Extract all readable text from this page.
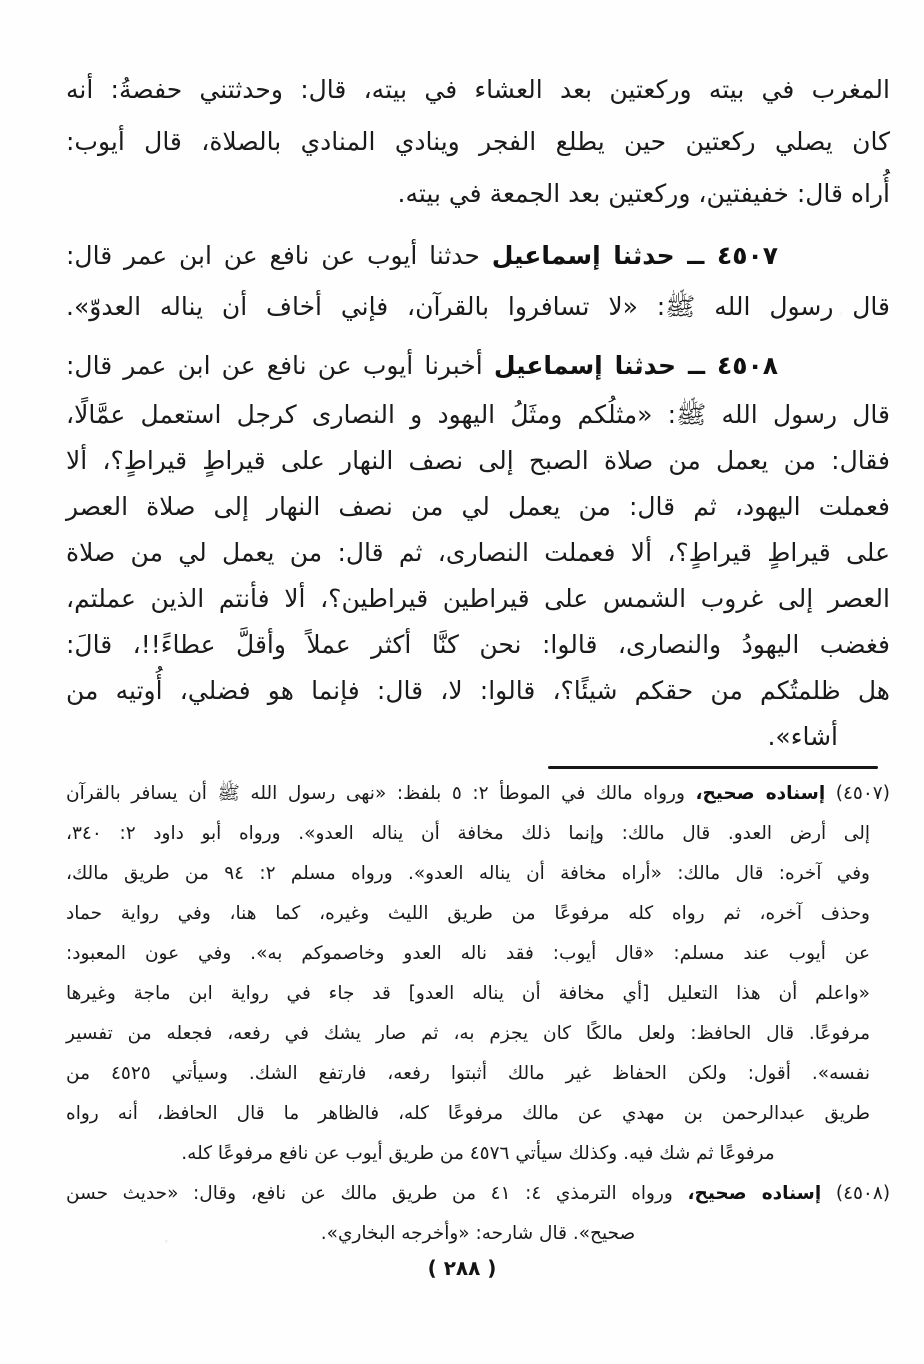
المغرب في بيته وركعتين بعد العشاء في بيته، قال: وحدثتني حفصةُ: أنه
كان يصلي ركعتين حين يطلع الفجر وينادي المنادي بالصلاة، قال أيوب:
أُراه قال: خفيفتين، وركعتين بعد الجمعة في بيته.
٤٥٠٧ ــ حدثنا إسماعيل حدثنا أيوب عن نافع عن ابن عمر قال:
قال رسول الله ﷺ: «لا تسافروا بالقرآن، فإني أخاف أن يناله العدوّ».
٤٥٠٨ ــ حدثنا إسماعيل أخبرنا أيوب عن نافع عن ابن عمر قال:
قال رسول الله ﷺ: «مثلُكم ومثَلُ اليهود و النصارى كرجل استعمل عمَّالًا،
فقال: من يعمل من صلاة الصبح إلى نصف النهار على قيراطٍ قيراطٍ؟، ألا
فعملت اليهود، ثم قال: من يعمل لي من نصف النهار إلى صلاة العصر
على قيراطٍ قيراطٍ؟، ألا فعملت النصارى، ثم قال: من يعمل لي من صلاة
العصر إلى غروب الشمس على قيراطين قيراطين؟، ألا فأنتم الذين عملتم،
فغضب اليهودُ والنصارى، قالوا: نحن كنَّا أكثر عملاً وأقلَّ عطاءً!!، قالَ:
هل ظلمتُكم من حقكم شيئًا؟، قالوا: لا، قال: فإنما هو فضلي، أُوتيه من
أشاء».
(٤٥٠٧) إسناده صحيح، ورواه مالك في الموطأ ٢: ٥ بلفظ: «نهى رسول الله ﷺ أن يسافر بالقرآن
إلى أرض العدو. قال مالك: وإنما ذلك مخافة أن يناله العدو». ورواه أبو داود ٢: ٣٤٠،
وفي آخره: قال مالك: «أراه مخافة أن يناله العدو». ورواه مسلم ٢: ٩٤ من طريق مالك،
وحذف آخره، ثم رواه كله مرفوعًا من طريق الليث وغيره، كما هنا، وفي رواية حماد
عن أيوب عند مسلم: «قال أيوب: فقد ناله العدو وخاصموكم به». وفي عون المعبود:
«واعلم أن هذا التعليل [أي مخافة أن يناله العدو] قد جاء في رواية ابن ماجة وغيرها
مرفوعًا. قال الحافظ: ولعل مالكًا كان يجزم به، ثم صار يشك في رفعه، فجعله من تفسير
نفسه». أقول: ولكن الحفاظ غير مالك أثبتوا رفعه، فارتفع الشك. وسيأتي ٤٥٢٥ من
طريق عبدالرحمن بن مهدي عن مالك مرفوعًا كله، فالظاهر ما قال الحافظ، أنه رواه
مرفوعًا ثم شك فيه. وكذلك سيأتي ٤٥٧٦ من طريق أيوب عن نافع مرفوعًا كله.
(٤٥٠٨) إسناده صحيح، ورواه الترمذي ٤: ٤١ من طريق مالك عن نافع، وقال: «حديث حسن
صحيح». قال شارحه: «وأخرجه البخاري».
( ٢٨٨ )
